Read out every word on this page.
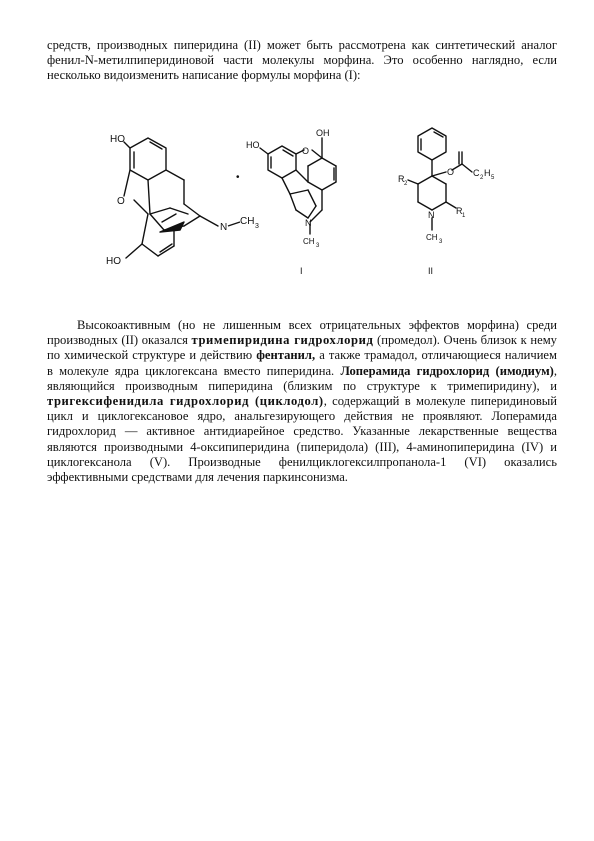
средств, производных пиперидина (II) может быть рассмотрена как синтетический аналог фенил-N-метилпиперидиновой части молекулы морфина. Это особенно наглядно, если несколько видоизменить написание формулы морфина (I):

HO
O
N
CH 3
HO
•
HO
O
OH
N
CH 3
I
O C 2 H 5
R 2
R 1
N
CH 3
II

Высокоактивным (но не лишенным всех отрицательных эффектов морфина) среди производных (II) оказался тримепиридина гидрохлорид (промедол). Очень близок к нему по химической структуре и действию фентанил, а также трамадол, отличающиеся наличием в молекуле ядра циклогексана вместо пиперидина. Лоперамида гидрохлорид (имодиум), являющийся производным пиперидина (близким по структуре к тримепиридину), и тригексифенидила гидрохлорид (циклодол), содержащий в молекуле пиперидиновый цикл и циклогексановое ядро, анальгезирующего действия не проявляют. Лоперамида гидрохлорид — активное антидиарейное средство. Указанные лекарственные вещества являются производными 4-оксипиперидина (пиперидола) (III), 4-аминопиперидина (IV) и циклогексанола (V). Производные фенилциклогексилпропанола-1 (VI) оказались эффективными средствами для лечения паркинсонизма.
